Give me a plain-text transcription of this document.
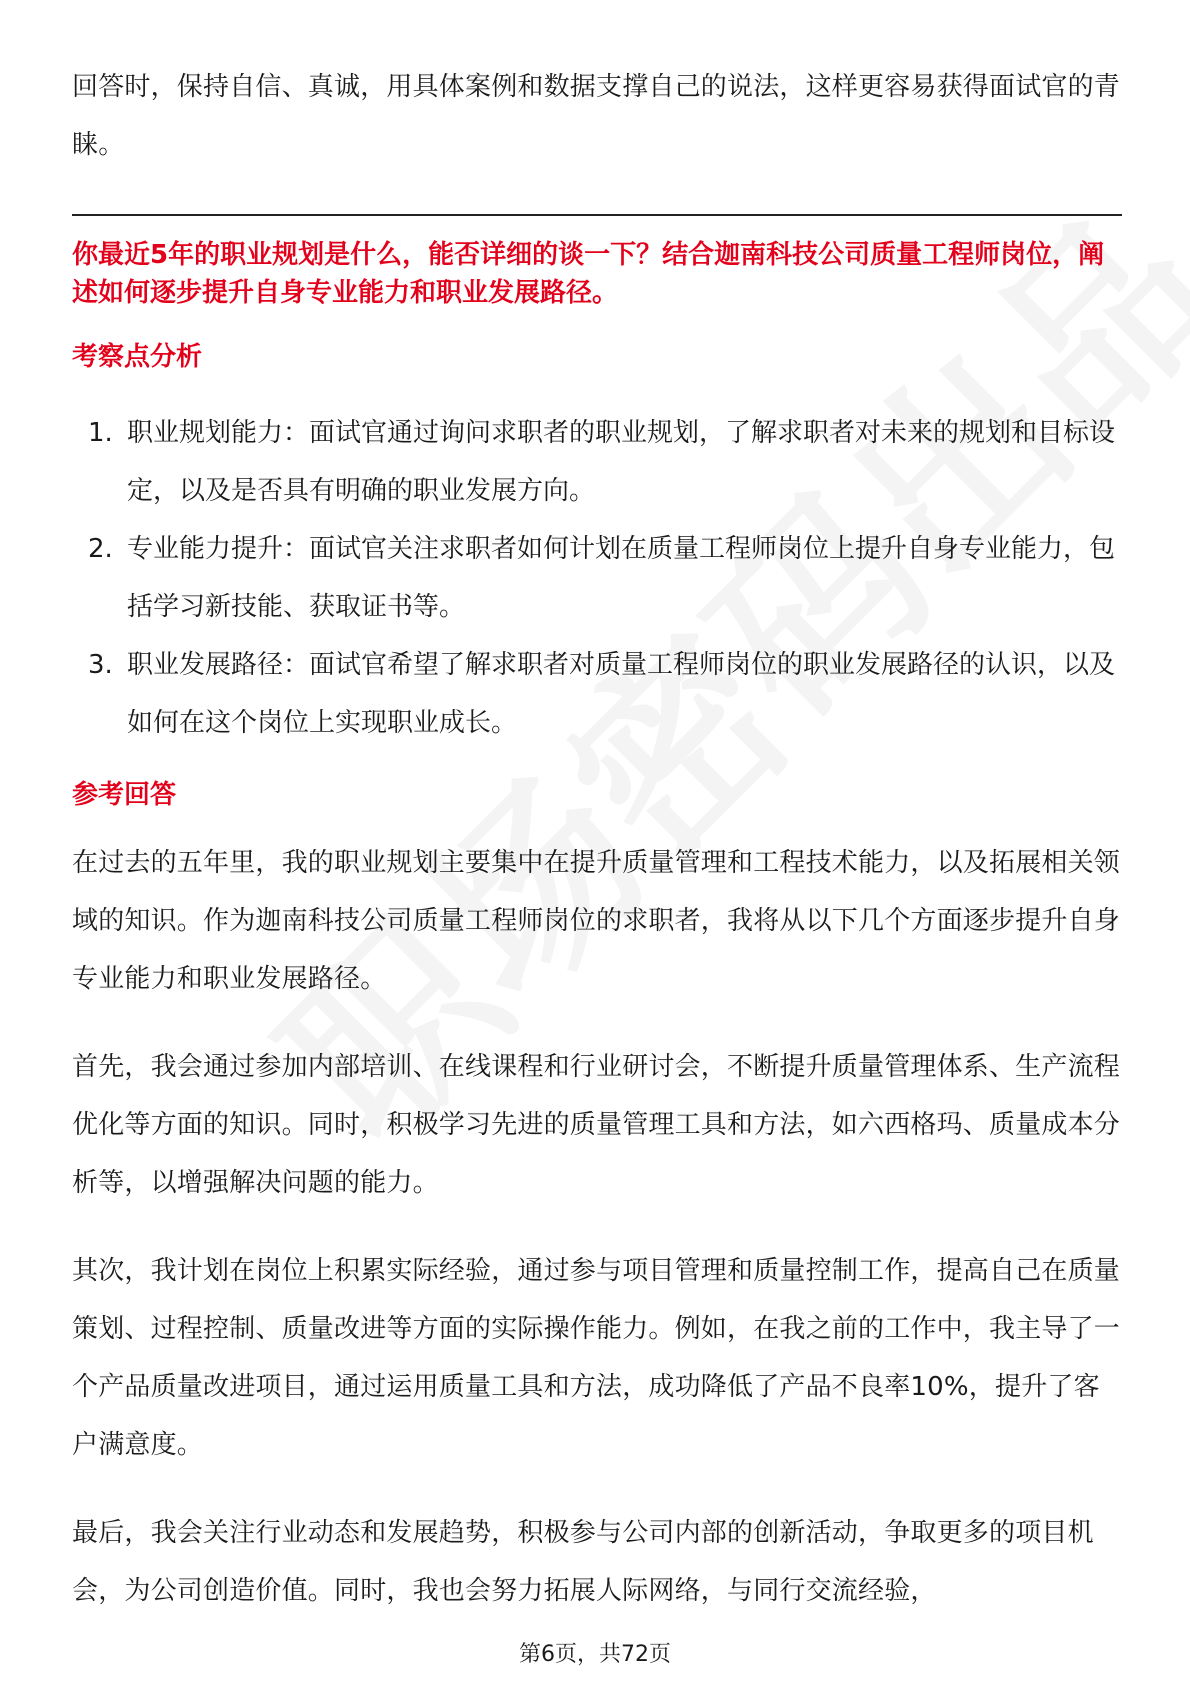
回答时，保持自信、真诚，用具体案例和数据支撑自己的说法，这样更容易获得面试官的青睐。

你最近5年的职业规划是什么，能否详细的谈一下？结合迦南科技公司质量工程师岗位，阐述如何逐步提升自身专业能力和职业发展路径。
考察点分析
1. 职业规划能力：面试官通过询问求职者的职业规划，了解求职者对未来的规划和目标设定，以及是否具有明确的职业发展方向。
2. 专业能力提升：面试官关注求职者如何计划在质量工程师岗位上提升自身专业能力，包括学习新技能、获取证书等。
3. 职业发展路径：面试官希望了解求职者对质量工程师岗位的职业发展路径的认识，以及如何在这个岗位上实现职业成长。
参考回答

在过去的五年里，我的职业规划主要集中在提升质量管理和工程技术能力，以及拓展相关领域的知识。作为迦南科技公司质量工程师岗位的求职者，我将从以下几个方面逐步提升自身专业能力和职业发展路径。

首先，我会通过参加内部培训、在线课程和行业研讨会，不断提升质量管理体系、生产流程优化等方面的知识。同时，积极学习先进的质量管理工具和方法，如六西格玛、质量成本分析等，以增强解决问题的能力。

其次，我计划在岗位上积累实际经验，通过参与项目管理和质量控制工作，提高自己在质量策划、过程控制、质量改进等方面的实际操作能力。例如，在我之前的工作中，我主导了一个产品质量改进项目，通过运用质量工具和方法，成功降低了产品不良率10%，提升了客户满意度。

最后，我会关注行业动态和发展趋势，积极参与公司内部的创新活动，争取更多的项目机会，为公司创造价值。同时，我也会努力拓展人际网络，与同行交流经验，

第6页，共72页
